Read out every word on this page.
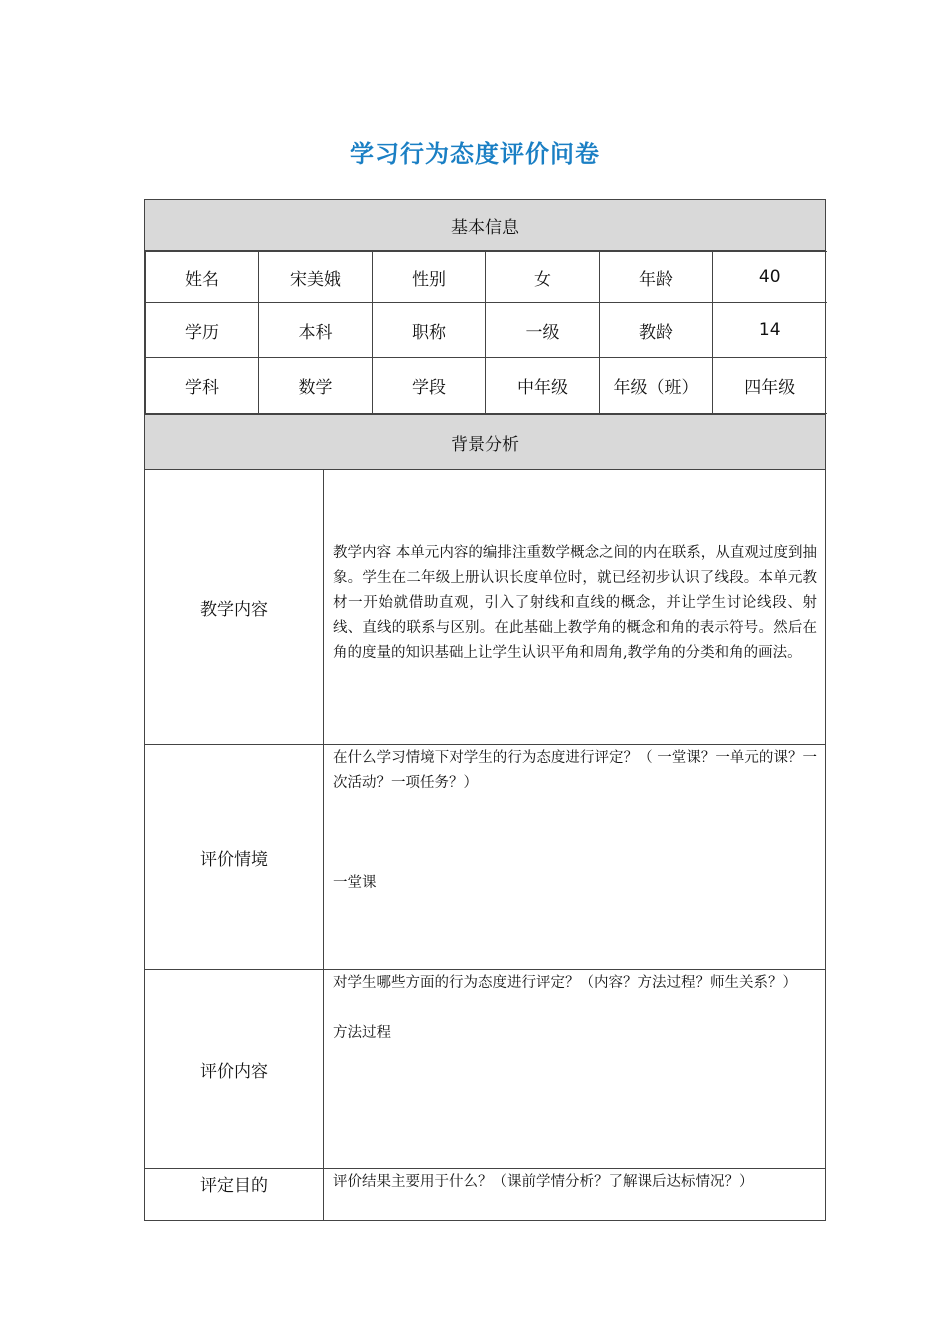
学习行为态度评价问卷
基本信息

姓名	宋美娥	性别	女	年龄	40
学历	本科	职称	一级	教龄	14
学科	数学	学段	中年级	年级（班）	四年级

背景分析
教学内容	
教学内容 本单元内容的编排注重数学概念之间的内在联系，从直观过度到抽象。学生在二年级上册认识长度单位时，就已经初步认识了线段。本单元教材一开始就借助直观，引入了射线和直线的概念，并让学生讨论线段、射线、直线的联系与区别。在此基础上教学角的概念和角的表示符号。然后在角的度量的知识基础上让学生认识平角和周角,教学角的分类和角的画法。

评价情境	
在什么学习情境下对学生的行为态度进行评定？（ 一堂课？一单元的课？一次活动？一项任务？）
一堂课

评价内容	
对学生哪些方面的行为态度进行评定？（内容？方法过程？师生关系？）
方法过程

评定目的	评价结果主要用于什么？（课前学情分析？了解课后达标情况？）
